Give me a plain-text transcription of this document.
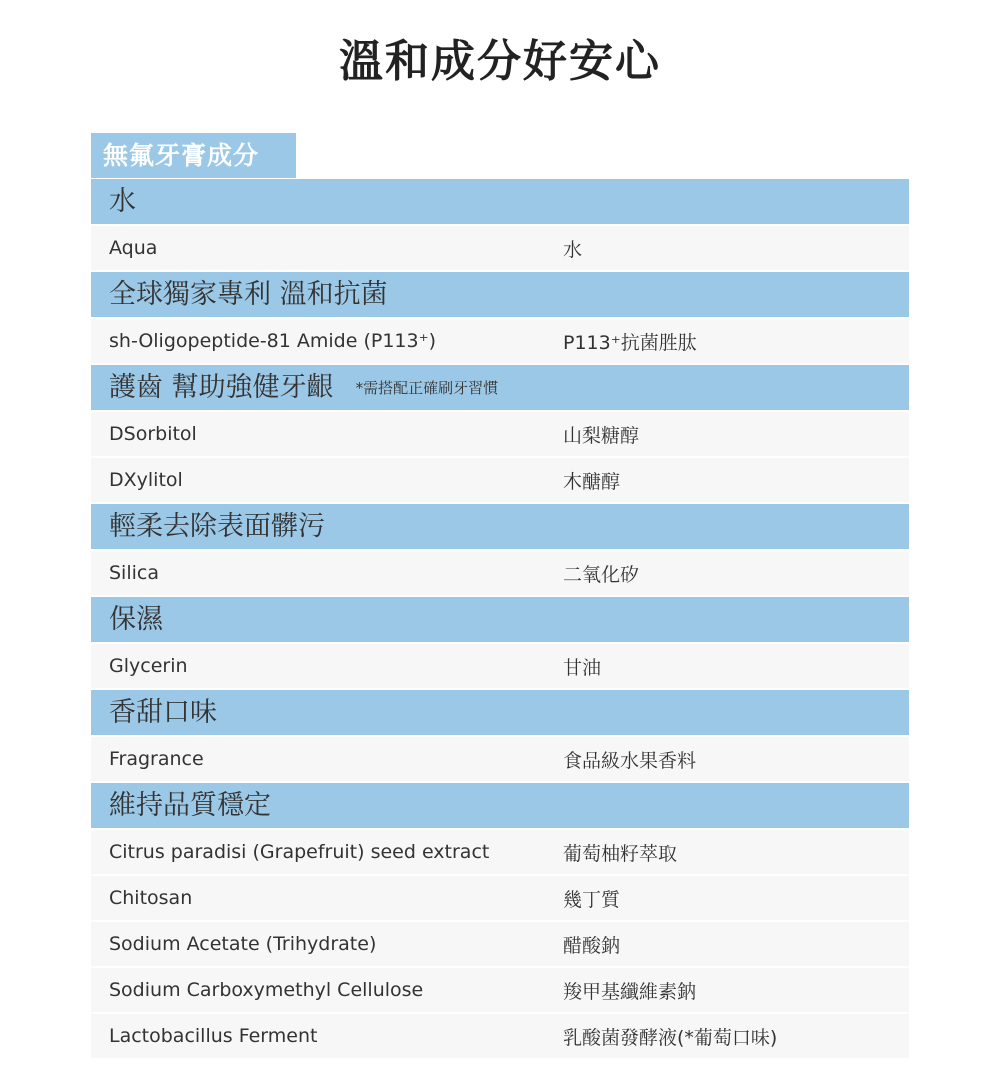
溫和成分好安心
無氟牙膏成分
水
Aqua	水
全球獨家專利 溫和抗菌
sh-Oligopeptide-81 Amide (P113⁺)	P113⁺抗菌胜肽
護齒 幫助強健牙齦 *需搭配正確刷牙習慣
DSorbitol	山梨糖醇
DXylitol	木醣醇
輕柔去除表面髒污
Silica	二氧化矽
保濕
Glycerin	甘油
香甜口味
Fragrance	食品級水果香料
維持品質穩定
Citrus paradisi (Grapefruit) seed extract	葡萄柚籽萃取
Chitosan	幾丁質
Sodium Acetate (Trihydrate)	醋酸鈉
Sodium Carboxymethyl Cellulose	羧甲基纖維素鈉
Lactobacillus Ferment	乳酸菌發酵液(*葡萄口味)
